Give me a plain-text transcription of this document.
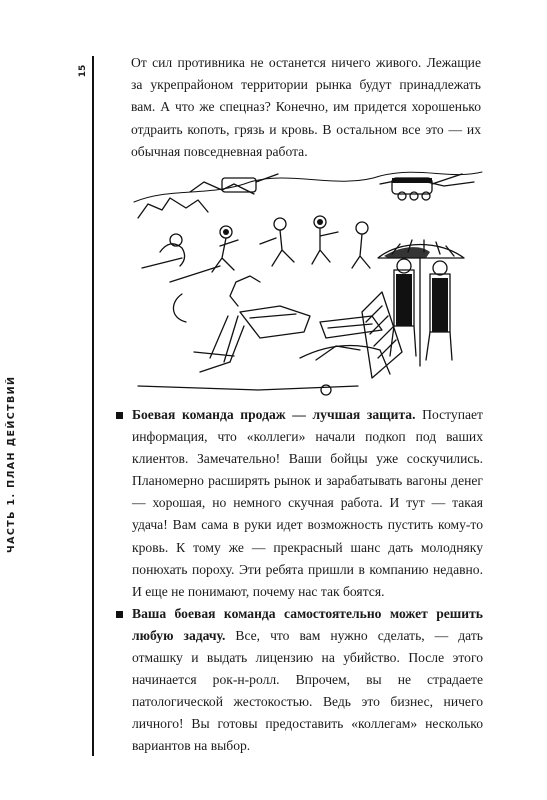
15
ЧАСТЬ 1. ПЛАН ДЕЙСТВИЙ

От сил противника не останется ничего живого. Лежащие за укрепрайоном территории рынка будут принадлежать вам. А что же спецназ? Конечно, им придется хорошенько отдраить копоть, грязь и кровь. В остальном все это — их обычная повседневная работа.

Боевая команда продаж — лучшая защита. Поступает информация, что «коллеги» начали подкоп под ваших клиентов. Замечательно! Ваши бойцы уже соскучились. Планомерно расширять рынок и зарабатывать вагоны денег — хорошая, но немного скучная работа. И тут — такая удача! Вам сама в руки идет возможность пустить кому-то кровь. К тому же — прекрасный шанс дать молодняку понюхать пороху. Эти ребята пришли в компанию недавно. И еще не понимают, почему нас так боятся.
Ваша боевая команда самостоятельно может решить любую задачу. Все, что вам нужно сделать, — дать отмашку и выдать лицензию на убийство. После этого начинается рок-н-ролл. Впрочем, вы не страдаете патологической жестокостью. Ведь это бизнес, ничего личного! Вы готовы предоставить «коллегам» несколько вариантов на выбор.
